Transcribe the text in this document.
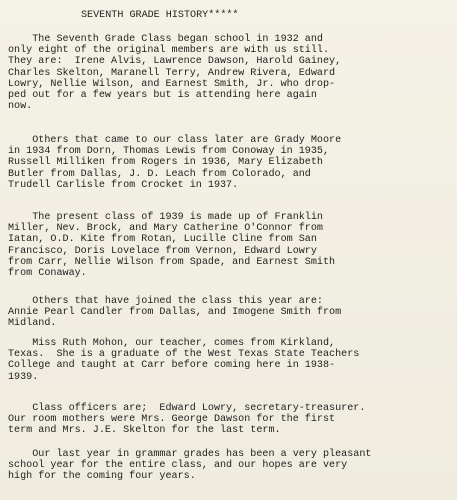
SEVENTH GRADE HISTORY*****
The Seventh Grade Class began school in 1932 and
only eight of the original members are with us still.
They are:  Irene Alvis, Lawrence Dawson, Harold Gainey,
Charles Skelton, Maranell Terry, Andrew Rivera, Edward
Lowry, Nellie Wilson, and Earnest Smith, Jr. who drop-
ped out for a few years but is attending here again
now.
Others that came to our class later are Grady Moore
in 1934 from Dorn, Thomas Lewis from Conoway in 1935,
Russell Milliken from Rogers in 1936, Mary Elizabeth
Butler from Dallas, J. D. Leach from Colorado, and
Trudell Carlisle from Crocket in 1937.
The present class of 1939 is made up of Franklin
Miller, Nev. Brock, and Mary Catherine O'Connor from
Iatan, O.D. Kite from Rotan, Lucille Cline from San
Francisco, Doris Lovelace from Vernon, Edward Lowry
from Carr, Nellie Wilson from Spade, and Earnest Smith
from Conaway.
Others that have joined the class this year are:
Annie Pearl Candler from Dallas, and Imogene Smith from
Midland.
Miss Ruth Mohon, our teacher, comes from Kirkland,
Texas.  She is a graduate of the West Texas State Teachers
College and taught at Carr before coming here in 1938-
1939.
Class officers are;  Edward Lowry, secretary-treasurer.
Our room mothers were Mrs. George Dawson for the first
term and Mrs. J.E. Skelton for the last term.
Our last year in grammar grades has been a very pleasant
school year for the entire class, and our hopes are very
high for the coming four years.
